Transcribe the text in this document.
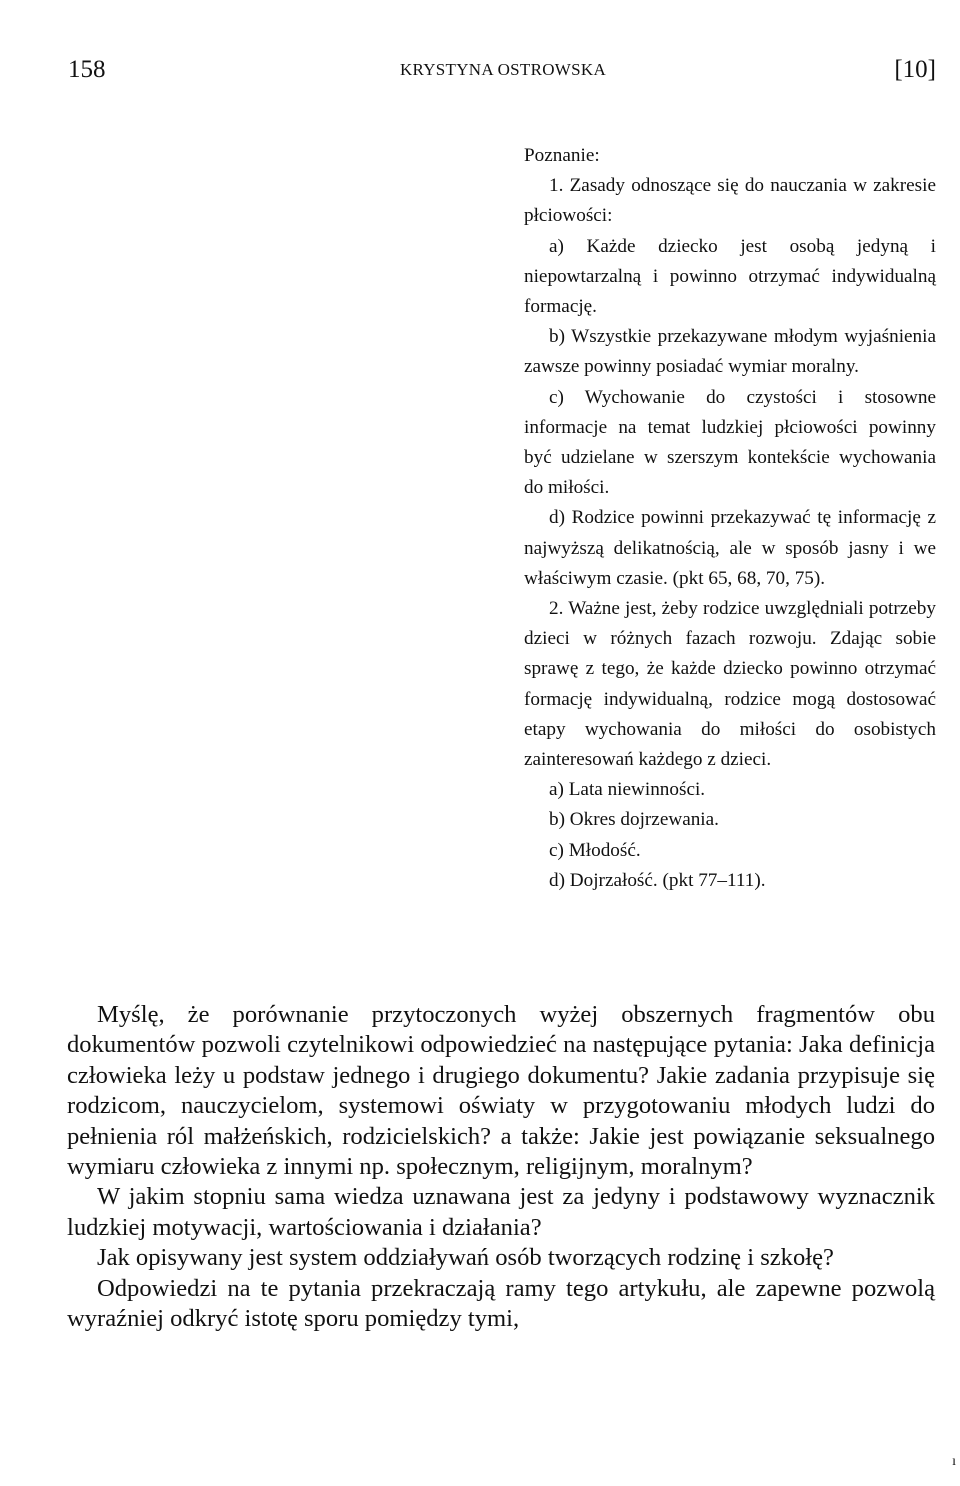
158	KRYSTYNA OSTROWSKA	[10]

Poznanie:

1. Zasady odnoszące się do nauczania w zakresie płciowości:

a) Każde dziecko jest osobą jedyną i niepowtarzalną i powinno otrzymać indywidualną formację.

b) Wszystkie przekazywane młodym wyjaśnienia zawsze powinny posiadać wymiar moralny.

c) Wychowanie do czystości i stosowne informacje na temat ludzkiej płciowości powinny być udzielane w szerszym kontekście wychowania do miłości.

d) Rodzice powinni przekazywać tę informację z najwyższą delikatnością, ale w sposób jasny i we właściwym czasie. (pkt 65, 68, 70, 75).

2. Ważne jest, żeby rodzice uwzględniali potrzeby dzieci w różnych fazach rozwoju. Zdając sobie sprawę z tego, że każde dziecko powinno otrzymać formację indywidualną, rodzice mogą dostosować etapy wychowania do miłości do osobistych zainteresowań każdego z dzieci.

a) Lata niewinności.

b) Okres dojrzewania.

c) Młodość.

d) Dojrzałość. (pkt 77–111).

Myślę, że porównanie przytoczonych wyżej obszernych fragmentów obu dokumentów pozwoli czytelnikowi odpowiedzieć na następujące pytania: Jaka definicja człowieka leży u podstaw jednego i drugiego dokumentu? Jakie zadania przypisuje się rodzicom, nauczycielom, systemowi oświaty w przygotowaniu młodych ludzi do pełnienia ról małżeńskich, rodzicielskich? a także: Jakie jest powiązanie seksualnego wymiaru człowieka z innymi np. społecznym, religijnym, moralnym?

W jakim stopniu sama wiedza uznawana jest za jedyny i podstawowy wyznacznik ludzkiej motywacji, wartościowania i działania?

Jak opisywany jest system oddziaływań osób tworzących rodzinę i szkołę?

Odpowiedzi na te pytania przekraczają ramy tego artykułu, ale zapewne pozwolą wyraźniej odkryć istotę sporu pomiędzy tymi,

ı
